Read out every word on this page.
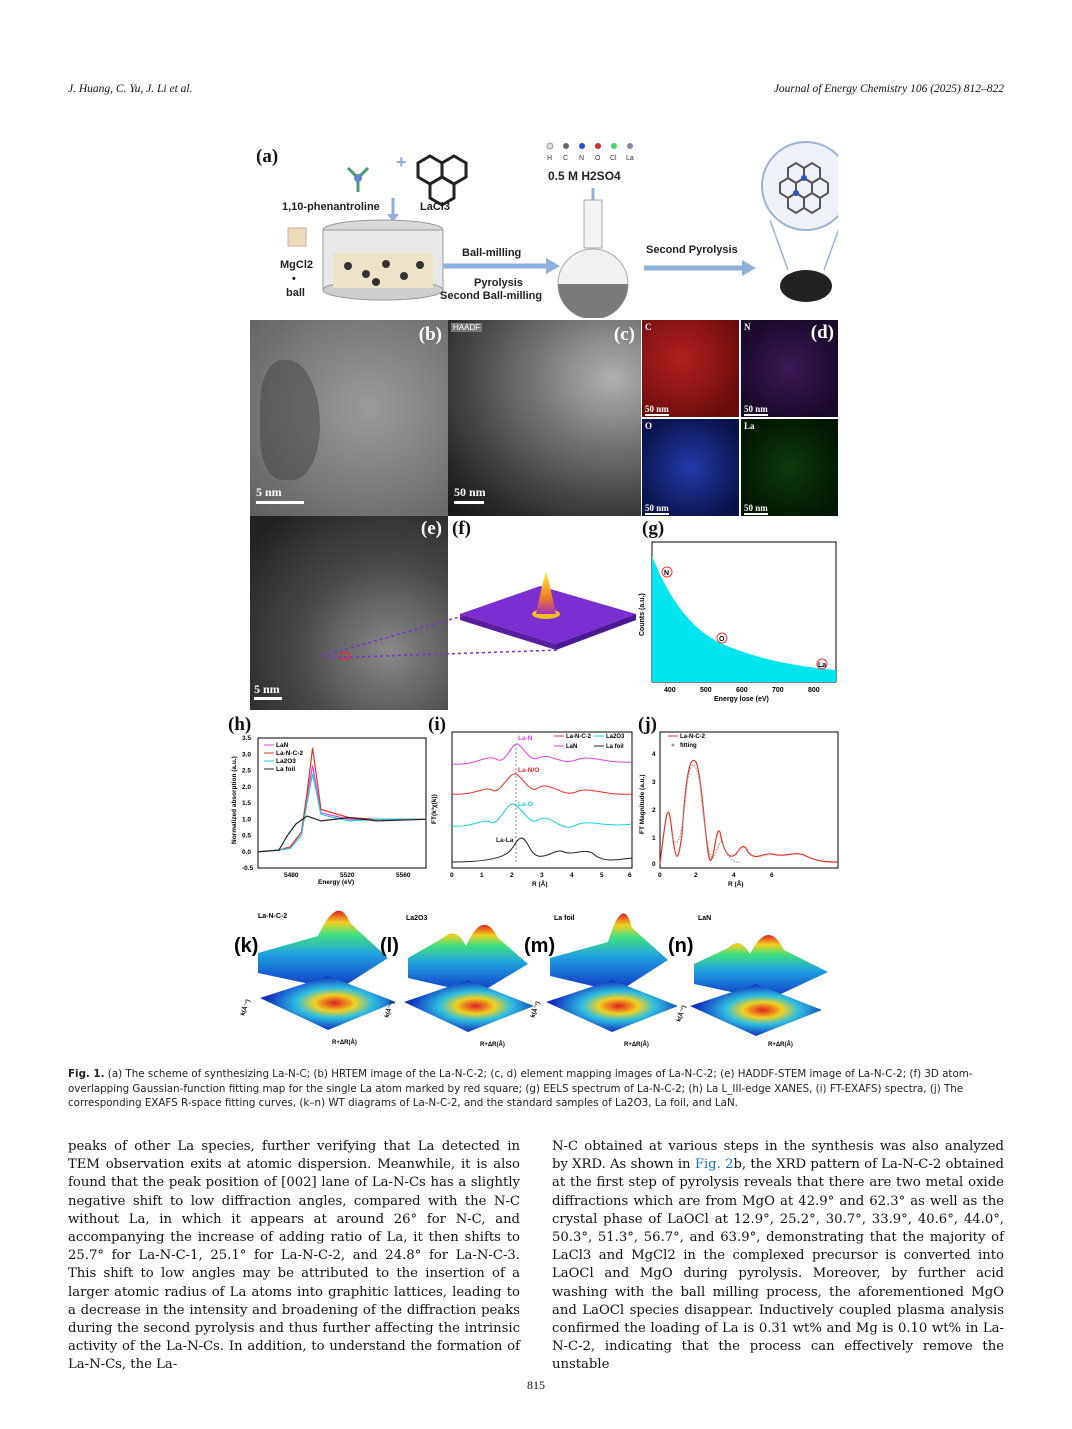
J. Huang, C. Yu, J. Li et al.	Journal of Energy Chemistry 106 (2025) 812–822
(a)	+
1,10-phenantroline	LaCl3
MgCl2
•
ball
Ball-milling
Pyrolysis
Second Ball-milling
H C N O Cl La
0.5 M H2SO4
Second Pyrolysis
(b)
5 nm
HAADF	(c)
50 nm
C	N
O	La
(d)
50 nm	50 nm
50 nm	50 nm
(e)
5 nm
(f)	(g)
N
O
La
Counts (a.u.)
400	500	600	700	800
Energy lose (eV)
(h)
3.5
3.0
2.5
2.0
1.5
1.0
0.5
0.0
-0.5
LaN
La-N-C-2
La2O3
La foil
Normalized absorption (a.u.)
5480	5520	5560
Energy (eV)
(i)
La-N
La-N/O
La-O
La-La
La-N-C-2	La2O3
LaN	La foil
FT(k³χ(k))
0	1	2	3	4	5	6
R (Å)
(j)
La-N-C-2
fitting
4
3
2
1
0
FT Magnitude (a.u.)
0	2	4	6
R (Å)
La-N-C-2
(k)
k(Å⁻¹)
R+ΔR(Å)
La2O3
(l)
k(Å⁻¹)
R+ΔR(Å)
La foil
(m)
k(Å⁻¹)
R+ΔR(Å)
LaN
(n)
k(Å⁻¹)
R+ΔR(Å)
Fig. 1. (a) The scheme of synthesizing La-N-C; (b) HRTEM image of the La-N-C-2; (c, d) element mapping images of La-N-C-2; (e) HADDF-STEM image of La-N-C-2; (f) 3D atom-overlapping Gaussian-function fitting map for the single La atom marked by red square; (g) EELS spectrum of La-N-C-2; (h) La L_III-edge XANES, (i) FT-EXAFS) spectra, (j) The corresponding EXAFS R-space fitting curves, (k–n) WT diagrams of La-N-C-2, and the standard samples of La2O3, La foil, and LaN.
peaks of other La species, further verifying that La detected in TEM observation exits at atomic dispersion. Meanwhile, it is also found that the peak position of [002] lane of La-N-Cs has a slightly negative shift to low diffraction angles, compared with the N-C without La, in which it appears at around 26° for N-C, and accompanying the increase of adding ratio of La, it then shifts to 25.7° for La-N-C-1, 25.1° for La-N-C-2, and 24.8° for La-N-C-3. This shift to low angles may be attributed to the insertion of a larger atomic radius of La atoms into graphitic lattices, leading to a decrease in the intensity and broadening of the diffraction peaks during the second pyrolysis and thus further affecting the intrinsic activity of the La-N-Cs. In addition, to understand the formation of La-N-Cs, the La-
N-C obtained at various steps in the synthesis was also analyzed by XRD. As shown in Fig. 2b, the XRD pattern of La-N-C-2 obtained at the first step of pyrolysis reveals that there are two metal oxide diffractions which are from MgO at 42.9° and 62.3° as well as the crystal phase of LaOCl at 12.9°, 25.2°, 30.7°, 33.9°, 40.6°, 44.0°, 50.3°, 51.3°, 56.7°, and 63.9°, demonstrating that the majority of LaCl3 and MgCl2 in the complexed precursor is converted into LaOCl and MgO during pyrolysis. Moreover, by further acid washing with the ball milling process, the aforementioned MgO and LaOCl species disappear. Inductively coupled plasma analysis confirmed the loading of La is 0.31 wt% and Mg is 0.10 wt% in La-N-C-2, indicating that the process can effectively remove the unstable
815
